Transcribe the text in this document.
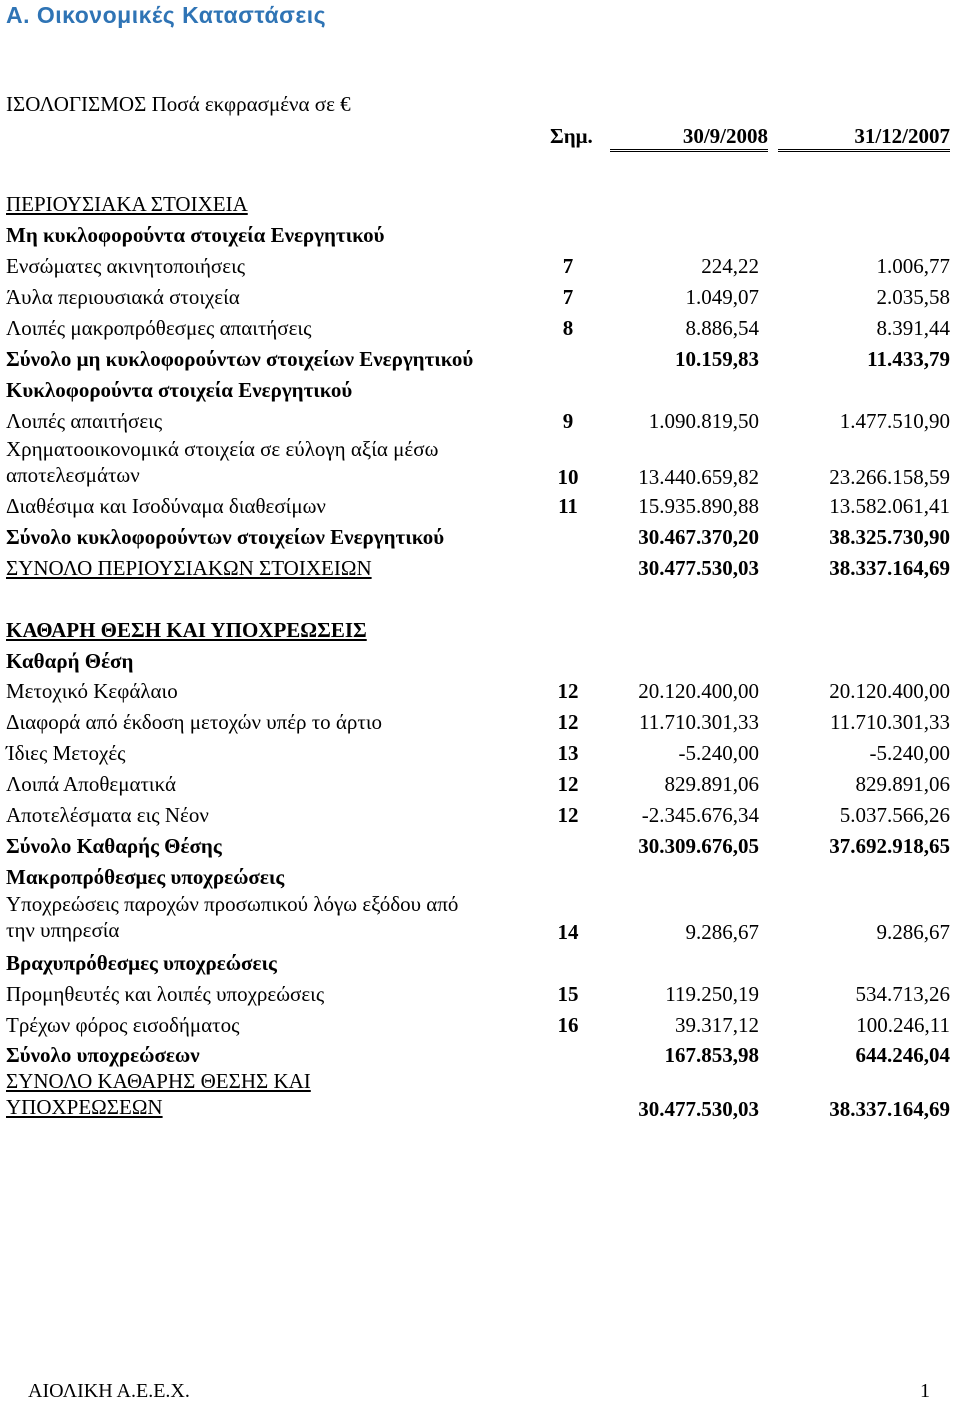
Α. Οικονομικές Καταστάσεις
ΙΣΟΛΟΓΙΣΜΟΣ Ποσά εκφρασμένα σε €
Σημ.	30/9/2008	31/12/2007
ΠΕΡΙΟΥΣΙΑΚΑ ΣΤΟΙΧΕΙΑ
Μη κυκλοφορούντα στοιχεία Ενεργητικού
Ενσώματες ακινητοποιήσεις	7	224,22	1.006,77
Άυλα περιουσιακά στοιχεία	7	1.049,07	2.035,58
Λοιπές μακροπρόθεσμες απαιτήσεις	8	8.886,54	8.391,44
Σύνολο μη κυκλοφορούντων στοιχείων Ενεργητικού	10.159,83	11.433,79
Κυκλοφορούντα στοιχεία Ενεργητικού
Λοιπές απαιτήσεις	9	1.090.819,50	1.477.510,90
Χρηματοοικονομικά στοιχεία σε εύλογη αξία μέσω
αποτελεσμάτων	10	13.440.659,82	23.266.158,59
Διαθέσιμα και Ισοδύναμα διαθεσίμων	11	15.935.890,88	13.582.061,41
Σύνολο κυκλοφορούντων στοιχείων Ενεργητικού	30.467.370,20	38.325.730,90
ΣΥΝΟΛΟ ΠΕΡΙΟΥΣΙΑΚΩΝ ΣΤΟΙΧΕΙΩΝ	30.477.530,03	38.337.164,69
ΚΑΘΑΡΗ ΘΕΣΗ ΚΑΙ ΥΠΟΧΡΕΩΣΕΙΣ
Καθαρή Θέση
Μετοχικό Κεφάλαιο	12	20.120.400,00	20.120.400,00
Διαφορά από έκδοση μετοχών υπέρ το άρτιο	12	11.710.301,33	11.710.301,33
Ίδιες Μετοχές	13	-5.240,00	-5.240,00
Λοιπά Αποθεματικά	12	829.891,06	829.891,06
Αποτελέσματα εις Νέον	12	-2.345.676,34	5.037.566,26
Σύνολο Καθαρής Θέσης	30.309.676,05	37.692.918,65
Μακροπρόθεσμες υποχρεώσεις
Υποχρεώσεις παροχών προσωπικού λόγω εξόδου από
την υπηρεσία	14	9.286,67	9.286,67
Βραχυπρόθεσμες υποχρεώσεις
Προμηθευτές και λοιπές υποχρεώσεις	15	119.250,19	534.713,26
Τρέχων φόρος εισοδήματος	16	39.317,12	100.246,11
Σύνολο υποχρεώσεων	167.853,98	644.246,04
ΣΥΝΟΛΟ ΚΑΘΑΡΗΣ ΘΕΣΗΣ ΚΑΙ
ΥΠΟΧΡΕΩΣΕΩΝ	30.477.530,03	38.337.164,69
ΑΙΟΛΙΚΗ Α.Ε.Ε.Χ.	1
